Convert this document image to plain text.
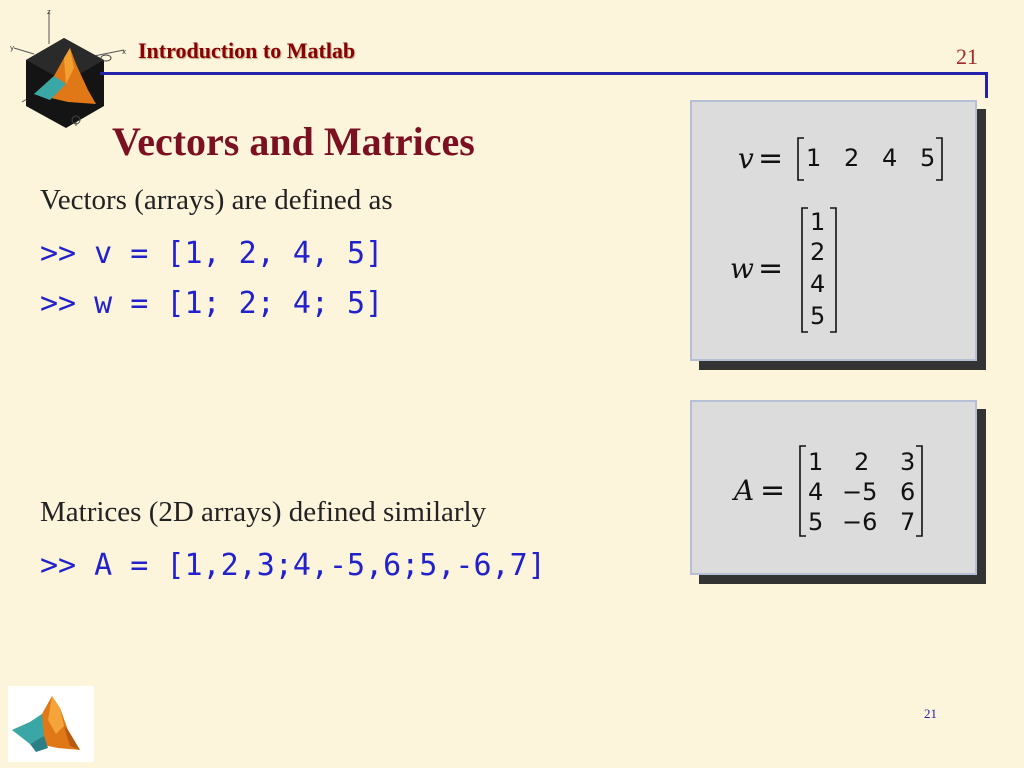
z
y	x Introduction to Matlab	21
Vectors and Matrices
Vectors (arrays) are defined as
>> v = [1, 2, 4, 5]
>> w = [1; 2; 4; 5]
Matrices (2D arrays) defined similarly
>> A = [1,2,3;4,-5,6;5,-6,7]
v = 1 2 4 5
w =
1
2
4
5
A =
1 2 3
4 −5 6
5 −6 7
21
